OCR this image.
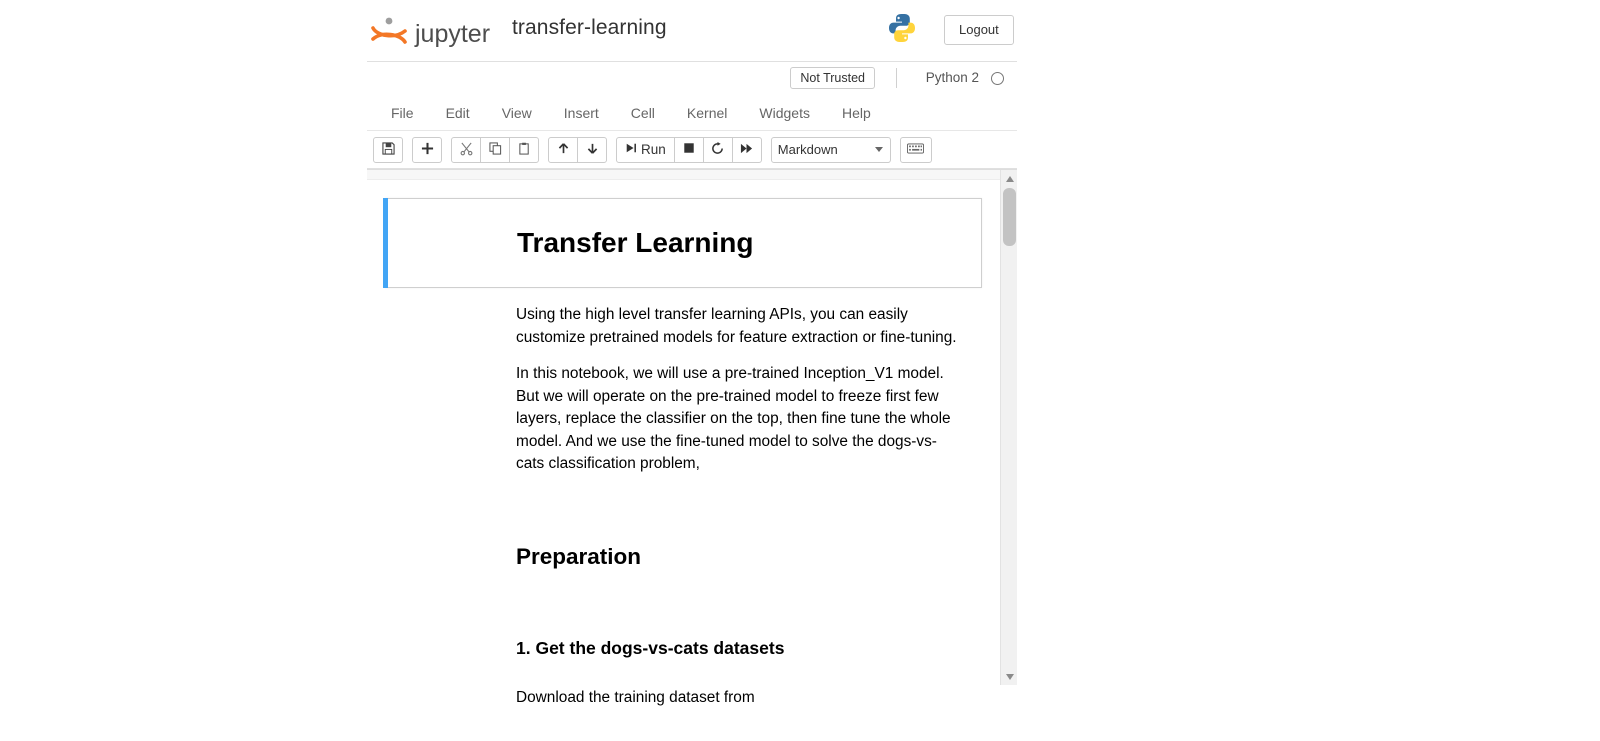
jupyter transfer-learning	Logout
Not Trusted	Python 2
File	Edit	View	Insert	Cell	Kernel	Widgets	Help
Run	Markdown
Transfer Learning

Using the high level transfer learning APIs, you can easily customize pretrained models for feature extraction or fine-tuning.

In this notebook, we will use a pre-trained Inception_V1 model. But we will operate on the pre-trained model to freeze first few layers, replace the classifier on the top, then fine tune the whole model. And we use the fine-tuned model to solve the dogs-vs-cats classification problem,

Preparation
1. Get the dogs-vs-cats datasets

Download the training dataset from
